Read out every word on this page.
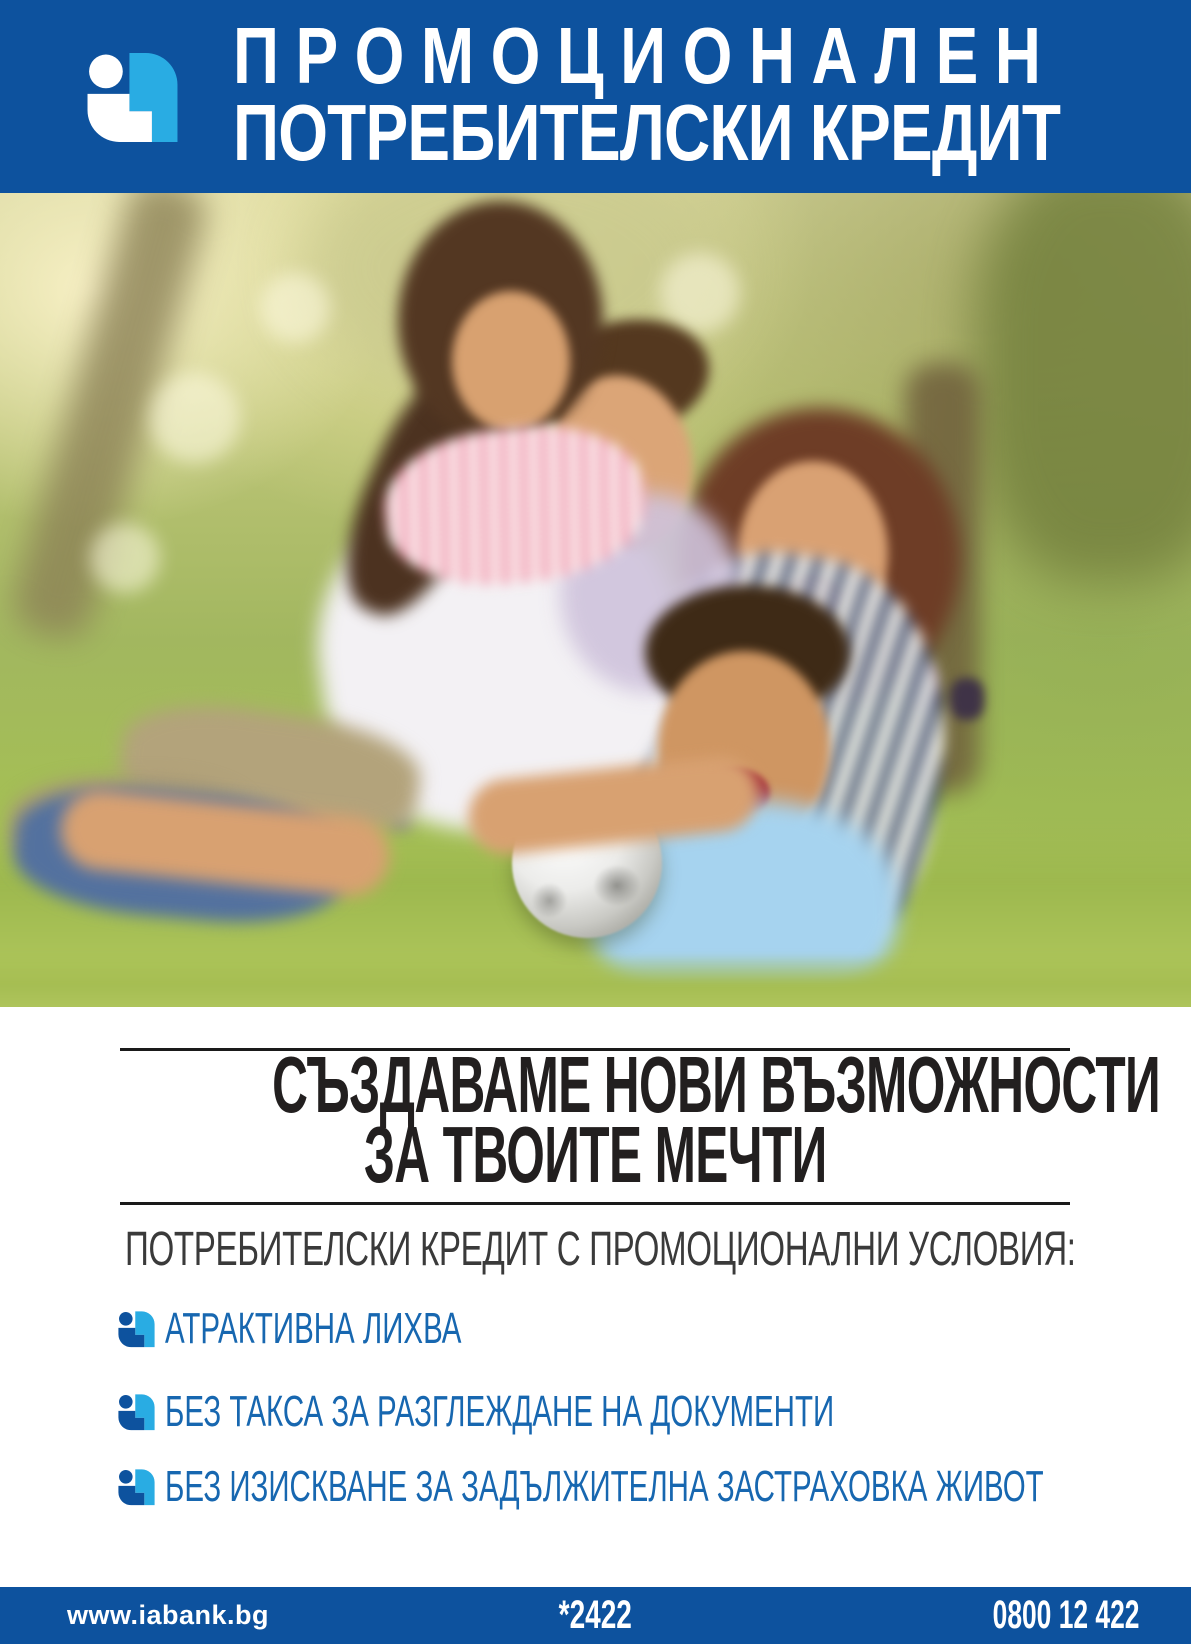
П Р О М О Ц И О Н А Л Е Н
ПОТРЕБИТЕЛСКИ КРЕДИТ
СЪЗДАВАМЕ НОВИ ВЪЗМОЖНОСТИ
ЗА ТВОИТЕ МЕЧТИ
ПОТРЕБИТЕЛСКИ КРЕДИТ С ПРОМОЦИОНАЛНИ УСЛОВИЯ:
АТРАКТИВНА ЛИХВА
БЕЗ ТАКСА ЗА РАЗГЛЕЖДАНЕ НА ДОКУМЕНТИ
БЕЗ ИЗИСКВАНЕ ЗА ЗАДЪЛЖИТЕЛНА ЗАСТРАХОВКА ЖИВОТ
www.iabank.bg	*2422	0800 12 422
